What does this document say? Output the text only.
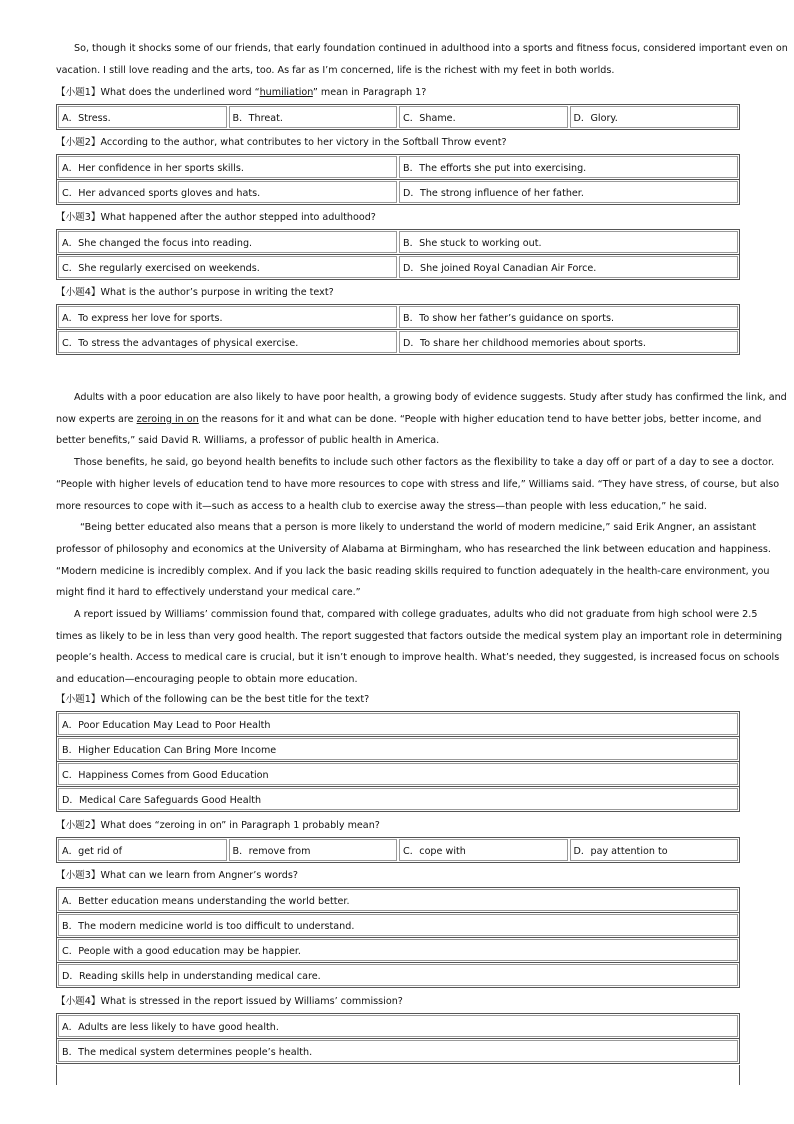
So, though it shocks some of our friends, that early foundation continued in adulthood into a sports and fitness focus, considered important even on
vacation. I still love reading and the arts, too. As far as I’m concerned, life is the richest with my feet in both worlds.
【小题1】What does the underlined word “humiliation” mean in Paragraph 1?
A．Stress.	B．Threat.	C．Shame.	D．Glory.
【小题2】According to the author, what contributes to her victory in the Softball Throw event?
A．Her confidence in her sports skills.	B．The efforts she put into exercising.
C．Her advanced sports gloves and hats.	D．The strong influence of her father.
【小题3】What happened after the author stepped into adulthood?
A．She changed the focus into reading.	B．She stuck to working out.
C．She regularly exercised on weekends.	D．She joined Royal Canadian Air Force.
【小题4】What is the author’s purpose in writing the text?
A．To express her love for sports.	B．To show her father’s guidance on sports.
C．To stress the advantages of physical exercise.	D．To share her childhood memories about sports.
Adults with a poor education are also likely to have poor health, a growing body of evidence suggests. Study after study has confirmed the link, and
now experts are zeroing in on the reasons for it and what can be done. “People with higher education tend to have better jobs, better income, and
better benefits,” said David R. Williams, a professor of public health in America.
Those benefits, he said, go beyond health benefits to include such other factors as the flexibility to take a day off or part of a day to see a doctor.
“People with higher levels of education tend to have more resources to cope with stress and life,” Williams said. “They have stress, of course, but also
more resources to cope with it—such as access to a health club to exercise away the stress—than people with less education,” he said.
“Being better educated also means that a person is more likely to understand the world of modern medicine,” said Erik Angner, an assistant
professor of philosophy and economics at the University of Alabama at Birmingham, who has researched the link between education and happiness.
“Modern medicine is incredibly complex. And if you lack the basic reading skills required to function adequately in the health-care environment, you
might find it hard to effectively understand your medical care.”
A report issued by Williams’ commission found that, compared with college graduates, adults who did not graduate from high school were 2.5
times as likely to be in less than very good health. The report suggested that factors outside the medical system play an important role in determining
people’s health. Access to medical care is crucial, but it isn’t enough to improve health. What’s needed, they suggested, is increased focus on schools
and education—encouraging people to obtain more education.
【小题1】Which of the following can be the best title for the text?
A．Poor Education May Lead to Poor Health
B．Higher Education Can Bring More Income
C．Happiness Comes from Good Education
D．Medical Care Safeguards Good Health
【小题2】What does “zeroing in on” in Paragraph 1 probably mean?
A．get rid of	B．remove from	C．cope with	D．pay attention to
【小题3】What can we learn from Angner’s words?
A．Better education means understanding the world better.
B．The modern medicine world is too difficult to understand.
C．People with a good education may be happier.
D．Reading skills help in understanding medical care.
【小题4】What is stressed in the report issued by Williams’ commission?
A．Adults are less likely to have good health.
B．The medical system determines people’s health.
